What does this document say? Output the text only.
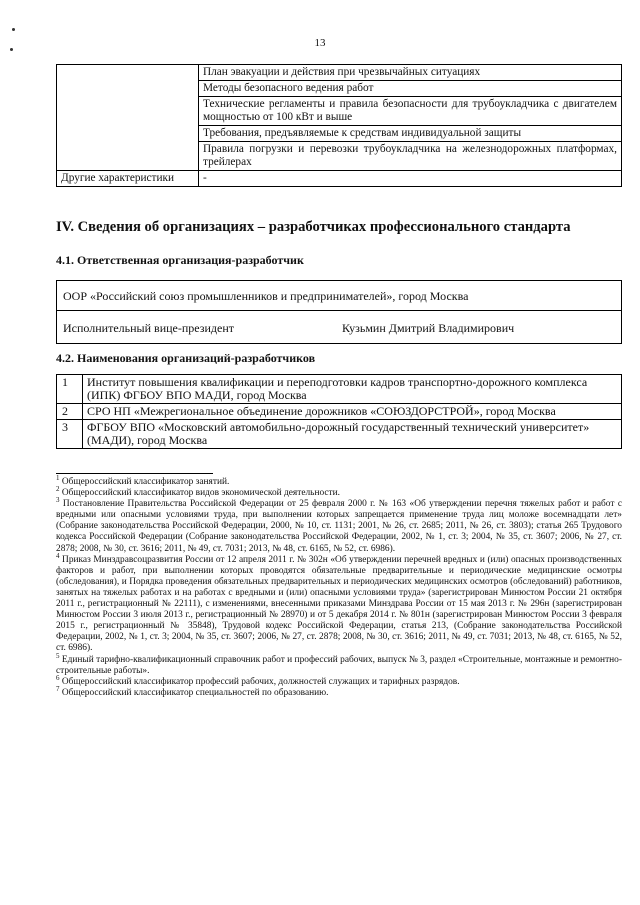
13
	План эвакуации и действия при чрезвычайных ситуациях
	Методы безопасного ведения работ
	Технические регламенты и правила безопасности для трубоукладчика с двигателем мощностью от 100 кВт и выше
	Требования, предъявляемые к средствам индивидуальной защиты
	Правила погрузки и перевозки трубоукладчика на железнодорожных платформах, трейлерах
Другие характеристики	-
IV. Сведения об организациях – разработчиках профессионального стандарта
4.1. Ответственная организация-разработчик
ООР «Российский союз промышленников и предпринимателей», город Москва
Исполнительный вице-президент	Кузьмин Дмитрий Владимирович
4.2. Наименования организаций-разработчиков
1	Институт повышения квалификации и переподготовки кадров транспортно-дорожного комплекса (ИПК) ФГБОУ ВПО МАДИ, город Москва
2	СРО НП «Межрегиональное объединение дорожников «СОЮЗДОРСТРОЙ», город Москва
3	ФГБОУ ВПО «Московский автомобильно-дорожный государственный технический университет» (МАДИ), город Москва

$^1$ Общероссийский классификатор занятий.

$^2$ Общероссийский классификатор видов экономической деятельности.

$^3$ Постановление Правительства Российской Федерации от 25 февраля 2000 г. № 163 «Об утверждении перечня тяжелых работ и работ с вредными или опасными условиями труда, при выполнении которых запрещается применение труда лиц моложе восемнадцати лет» (Собрание законодательства Российской Федерации, 2000, № 10, ст. 1131; 2001, № 26, ст. 2685; 2011, № 26, ст. 3803); статья 265 Трудового кодекса Российской Федерации (Собрание законодательства Российской Федерации, 2002, № 1, ст. 3; 2004, № 35, ст. 3607; 2006, № 27, ст. 2878; 2008, № 30, ст. 3616; 2011, № 49, ст. 7031; 2013, № 48, ст. 6165, № 52, ст. 6986).

$^4$ Приказ Минздравсоцразвития России от 12 апреля 2011 г. № 302н «Об утверждении перечней вредных и (или) опасных производственных факторов и работ, при выполнении которых проводятся обязательные предварительные и периодические медицинские осмотры (обследования), и Порядка проведения обязательных предварительных и периодических медицинских осмотров (обследований) работников, занятых на тяжелых работах и на работах с вредными и (или) опасными условиями труда» (зарегистрирован Минюстом России 21 октября 2011 г., регистрационный № 22111), с изменениями, внесенными приказами Минздрава России от 15 мая 2013 г. № 296н (зарегистрирован Минюстом России 3 июля 2013 г., регистрационный № 28970) и от 5 декабря 2014 г. № 801н (зарегистрирован Минюстом России 3 февраля 2015 г., регистрационный № 35848), Трудовой кодекс Российской Федерации, статья 213, (Собрание законодательства Российской Федерации, 2002, № 1, ст. 3; 2004, № 35, ст. 3607; 2006, № 27, ст. 2878; 2008, № 30, ст. 3616; 2011, № 49, ст. 7031; 2013, № 48, ст. 6165, № 52, ст. 6986).

$^5$ Единый тарифно-квалификационный справочник работ и профессий рабочих, выпуск № 3, раздел «Строительные, монтажные и ремонтно-строительные работы».

$^6$ Общероссийский классификатор профессий рабочих, должностей служащих и тарифных разрядов.

$^7$ Общероссийский классификатор специальностей по образованию.
